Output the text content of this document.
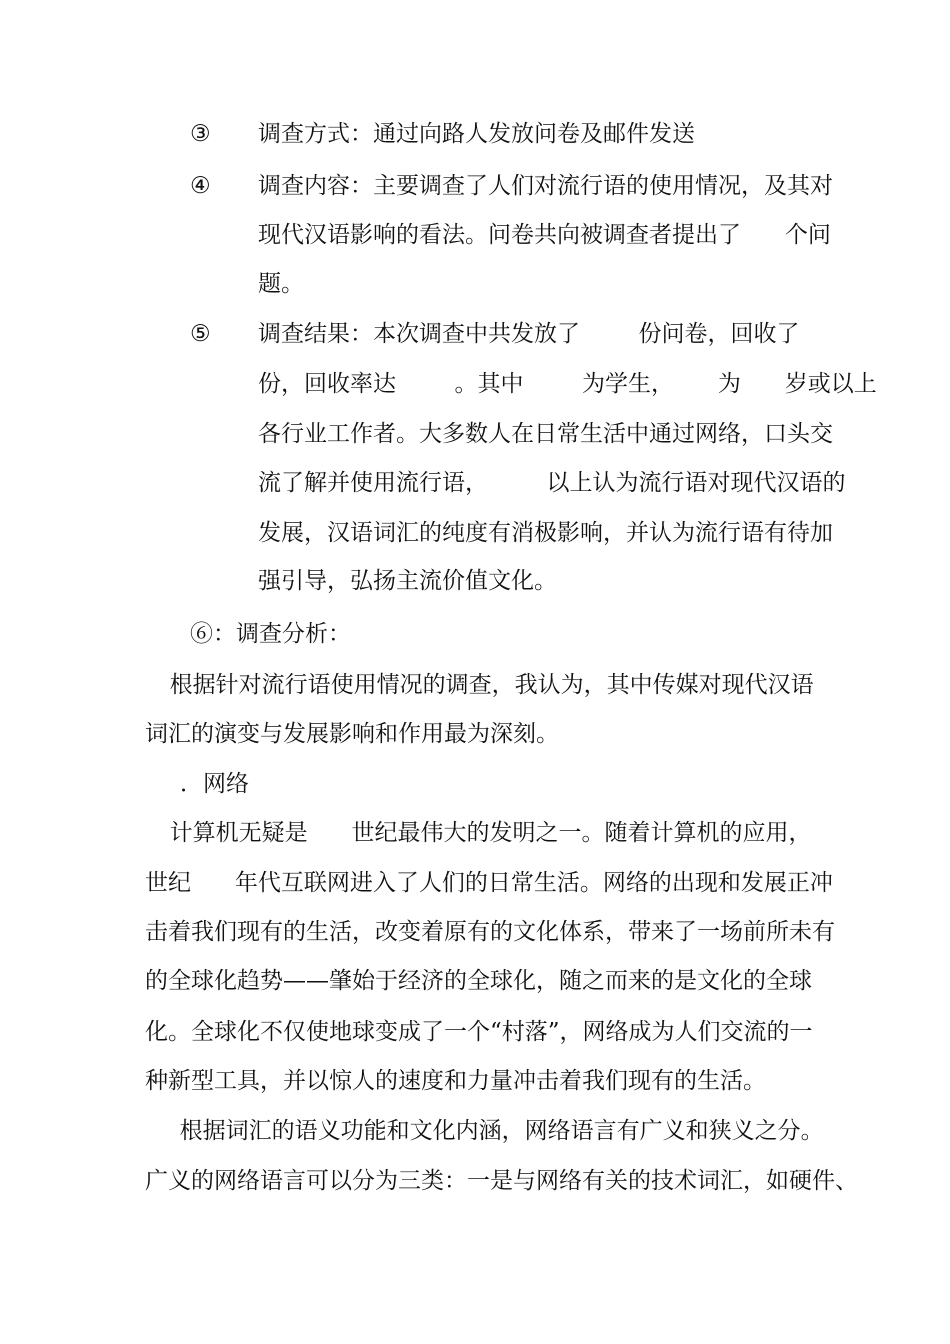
③ 调查方式：通过向路人发放问卷及邮件发送
④ 调查内容：主要调查了人们对流行语的使用情况，及其对
现代汉语影响的看法。问卷共向被调查者提出了      个问
题。
⑤ 调查结果：本次调查中共发放了        份问卷，回收了
份，回收率达        。其中        为学生，      为      岁或以上
各行业工作者。大多数人在日常生活中通过网络，口头交
流了解并使用流行语，        以上认为流行语对现代汉语的
发展，汉语词汇的纯度有消极影响，并认为流行语有待加
强引导，弘扬主流价值文化。
⑥：调查分析：
根据针对流行语使用情况的调查，我认为，其中传媒对现代汉语
词汇的演变与发展影响和作用最为深刻。
．网络
计算机无疑是      世纪最伟大的发明之一。随着计算机的应用，
世纪      年代互联网进入了人们的日常生活。网络的出现和发展正冲
击着我们现有的生活，改变着原有的文化体系，带来了一场前所未有
的全球化趋势——肇始于经济的全球化，随之而来的是文化的全球
化。全球化不仅使地球变成了一个“村落”，网络成为人们交流的一
种新型工具，并以惊人的速度和力量冲击着我们现有的生活。
根据词汇的语义功能和文化内涵，网络语言有广义和狭义之分。
广义的网络语言可以分为三类：一是与网络有关的技术词汇，如硬件、
